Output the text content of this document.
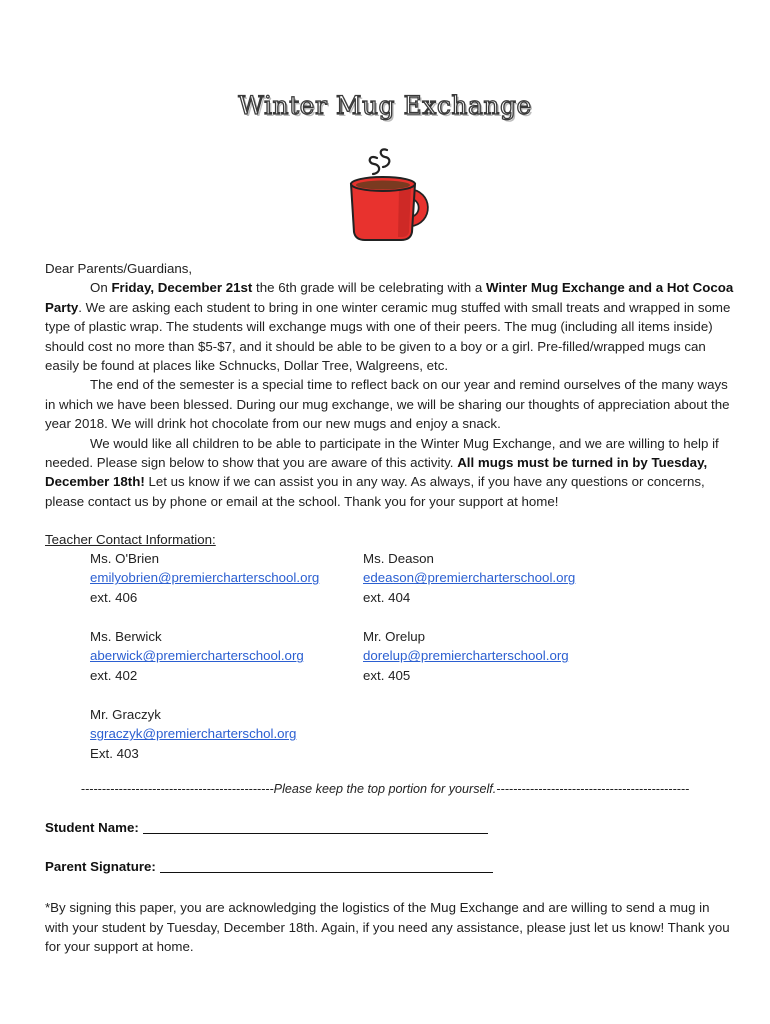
Winter Mug Exchange

Dear Parents/Guardians,

On Friday, December 21st the 6th grade will be celebrating with a Winter Mug Exchange and a Hot Cocoa Party. We are asking each student to bring in one winter ceramic mug stuffed with small treats and wrapped in some type of plastic wrap. The students will exchange mugs with one of their peers. The mug (including all items inside) should cost no more than $5-$7, and it should be able to be given to a boy or a girl. Pre-filled/wrapped mugs can easily be found at places like Schnucks, Dollar Tree, Walgreens, etc.

The end of the semester is a special time to reflect back on our year and remind ourselves of the many ways in which we have been blessed. During our mug exchange, we will be sharing our thoughts of appreciation about the year 2018. We will drink hot chocolate from our new mugs and enjoy a snack.

We would like all children to be able to participate in the Winter Mug Exchange, and we are willing to help if needed. Please sign below to show that you are aware of this activity. All mugs must be turned in by Tuesday, December 18th! Let us know if we can assist you in any way. As always, if you have any questions or concerns, please contact us by phone or email at the school. Thank you for your support at home!

Teacher Contact Information:
Ms. O'Brien
emilyobrien@premiercharterschool.org
ext. 406
Ms. Deason
edeason@premiercharterschool.org
ext. 404
Ms. Berwick
aberwick@premiercharterschool.org
ext. 402
Mr. Orelup
dorelup@premiercharterschool.org
ext. 405
Mr. Graczyk
sgraczyk@premiercharterschol.org
Ext. 403
----------------------------------------------Please keep the top portion for yourself.----------------------------------------------
Student Name:
Parent Signature:
*By signing this paper, you are acknowledging the logistics of the Mug Exchange and are willing to send a mug in with your student by Tuesday, December 18th. Again, if you need any assistance, please just let us know! Thank you for your support at home.
